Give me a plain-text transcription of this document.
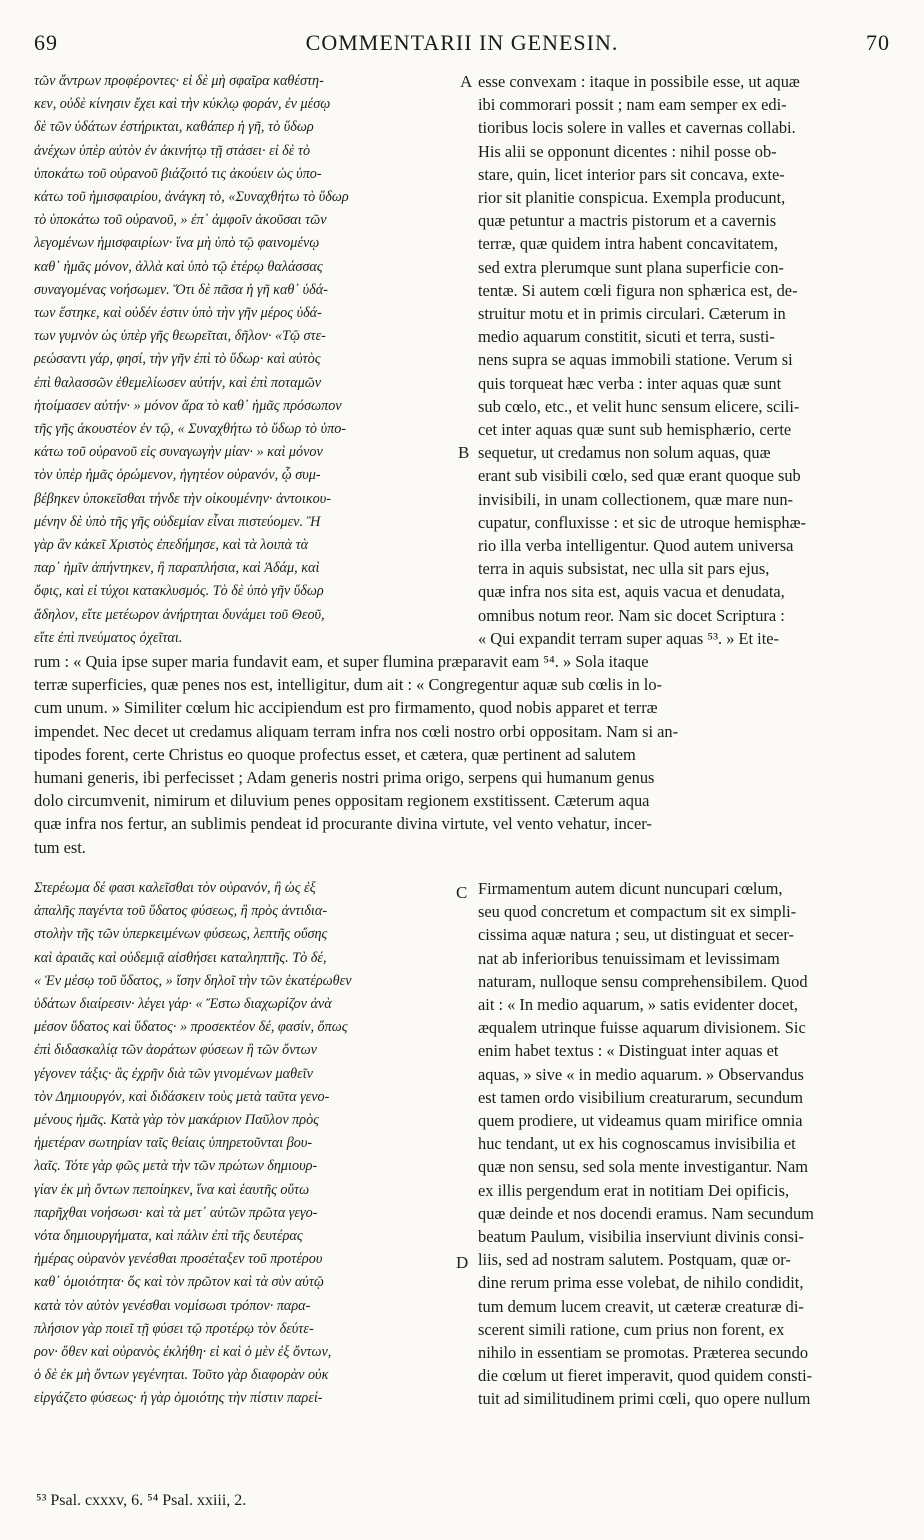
69	COMMENTARII IN GENESIN.	70
τῶν ἄντρων προφέροντες· εἰ δὲ μὴ σφαῖρα καθέστη-
κεν, οὐδὲ κίνησιν ἔχει καὶ τὴν κύκλῳ φοράν, ἐν μέσῳ
δὲ τῶν ὑδάτων ἐστήρικται, καθάπερ ἡ γῆ, τὸ ὕδωρ
ἀνέχων ὑπὲρ αὐτὸν ἐν ἀκινήτῳ τῇ στάσει· εἰ δὲ τὸ
ὑποκάτω τοῦ οὐρανοῦ βιάζοιτό τις ἀκούειν ὡς ὑπο-
κάτω τοῦ ἡμισφαιρίου, ἀνάγκη τὸ, «Συναχθήτω τὸ ὕδωρ
τὸ ὑποκάτω τοῦ οὐρανοῦ, » ἐπ᾿ ἀμφοῖν ἀκοῦσαι τῶν
λεγομένων ἡμισφαιρίων· ἵνα μὴ ὑπὸ τῷ φαινομένῳ
καθ᾿ ἡμᾶς μόνον, ἀλλὰ καὶ ὑπὸ τῷ ἑτέρῳ θαλάσσας
συναγομένας νοήσωμεν. Ὅτι δὲ πᾶσα ἡ γῆ καθ᾿ ὑδά-
των ἕστηκε, καὶ οὐδέν ἐστιν ὑπὸ τὴν γῆν μέρος ὑδά-
των γυμνὸν ὡς ὑπὲρ γῆς θεωρεῖται, δῆλον· «Τῷ στε-
ρεώσαντι γάρ, φησί, τὴν γῆν ἐπὶ τὸ ὕδωρ· καὶ αὐτὸς
ἐπὶ θαλασσῶν ἐθεμελίωσεν αὐτήν, καὶ ἐπὶ ποταμῶν
ἡτοίμασεν αὐτήν· » μόνον ἄρα τὸ καθ᾿ ἡμᾶς πρόσωπον
τῆς γῆς ἀκουστέον ἐν τῷ, « Συναχθήτω τὸ ὕδωρ τὸ ὑπο-
κάτω τοῦ οὐρανοῦ εἰς συναγωγὴν μίαν· » καὶ μόνον
τὸν ὑπὲρ ἡμᾶς ὁρώμενον, ἡγητέον οὐρανόν, ᾧ συμ-
βέβηκεν ὑποκεῖσθαι τήνδε τὴν οἰκουμένην· ἀντοικου-
μένην δὲ ὑπὸ τῆς γῆς οὐδεμίαν εἶναι πιστεύομεν. Ἢ
γὰρ ἂν κἀκεῖ Χριστὸς ἐπεδήμησε, καὶ τὰ λοιπὰ τὰ
παρ᾿ ἡμῖν ἀπήντηκεν, ἢ παραπλήσια, καὶ Ἀδάμ, καὶ
ὄφις, καὶ εἰ τύχοι κατακλυσμός. Τὸ δὲ ὑπὸ γῆν ὕδωρ
ἄδηλον, εἴτε μετέωρον ἀνήρτηται δυνάμει τοῦ Θεοῦ,
εἴτε ἐπὶ πνεύματος ὀχεῖται.
esse convexam : itaque in possibile esse, ut aquæ
ibi commorari possit ; nam eam semper ex edi-
tioribus locis solere in valles et cavernas collabi.
His alii se opponunt dicentes : nihil posse ob-
stare, quin, licet interior pars sit concava, exte-
rior sit planitie conspicua. Exempla producunt,
quæ petuntur a mactris pistorum et a cavernis
terræ, quæ quidem intra habent concavitatem,
sed extra plerumque sunt plana superficie con-
tentæ. Si autem cœli figura non sphærica est, de-
struitur motu et in primis circulari. Cæterum in
medio aquarum constitit, sicuti et terra, susti-
nens supra se aquas immobili statione. Verum si
quis torqueat hæc verba : inter aquas quæ sunt
sub cœlo, etc., et velit hunc sensum elicere, scili-
cet inter aquas quæ sunt sub hemisphærio, certe
sequetur, ut credamus non solum aquas, quæ
erant sub visibili cœlo, sed quæ erant quoque sub
invisibili, in unam collectionem, quæ mare nun-
cupatur, confluxisse : et sic de utroque hemisphæ-
rio illa verba intelligentur. Quod autem universa
terra in aquis subsistat, nec ulla sit pars ejus,
quæ infra nos sita est, aquis vacua et denudata,
omnibus notum reor. Nam sic docet Scriptura :
« Qui expandit terram super aquas ⁵³. » Et ite-
A
B
C
D
rum : « Quia ipse super maria fundavit eam, et super flumina præparavit eam ⁵⁴. » Sola itaque
terræ superficies, quæ penes nos est, intelligitur, dum ait : « Congregentur aquæ sub cœlis in lo-
cum unum. » Similiter cœlum hic accipiendum est pro firmamento, quod nobis apparet et terræ
impendet. Nec decet ut credamus aliquam terram infra nos cœli nostro orbi oppositam. Nam si an-
tipodes forent, certe Christus eo quoque profectus esset, et cætera, quæ pertinent ad salutem
humani generis, ibi perfecisset ; Adam generis nostri prima origo, serpens qui humanum genus
dolo circumvenit, nimirum et diluvium penes oppositam regionem exstitissent. Cæterum aqua
quæ infra nos fertur, an sublimis pendeat id procurante divina virtute, vel vento vehatur, incer-
tum est.
Στερέωμα δέ φασι καλεῖσθαι τὸν οὐρανόν, ἢ ὡς ἐξ
ἁπαλῆς παγέντα τοῦ ὕδατος φύσεως, ἢ πρὸς ἀντιδια-
στολὴν τῆς τῶν ὑπερκειμένων φύσεως, λεπτῆς οὔσης
καὶ ἀραιᾶς καὶ οὐδεμιᾷ αἰσθήσει καταληπτῆς. Τὸ δέ,
« Ἐν μέσῳ τοῦ ὕδατος, » ἴσην δηλοῖ τὴν τῶν ἑκατέρωθεν
ὑδάτων διαίρεσιν· λέγει γάρ· « Ἔστω διαχωρίζον ἀνὰ
μέσον ὕδατος καὶ ὕδατος· » προσεκτέον δέ, φασίν, ὅπως
ἐπὶ διδασκαλίᾳ τῶν ἀοράτων φύσεων ἢ τῶν ὄντων
γέγονεν τάξις· ἃς ἐχρῆν διὰ τῶν γινομένων μαθεῖν
τὸν Δημιουργόν, καὶ διδάσκειν τοὺς μετὰ ταῦτα γενο-
μένους ἡμᾶς. Κατὰ γὰρ τὸν μακάριον Παῦλον πρὸς
ἡμετέραν σωτηρίαν ταῖς θείαις ὑπηρετοῦνται βου-
λαῖς. Τότε γὰρ φῶς μετὰ τὴν τῶν πρώτων δημιουρ-
γίαν ἐκ μὴ ὄντων πεποίηκεν, ἵνα καὶ ἑαυτῆς οὕτω
παρῆχθαι νοήσωσι· καὶ τὰ μετ᾿ αὐτῶν πρῶτα γεγο-
νότα δημιουργήματα, καὶ πάλιν ἐπὶ τῆς δευτέρας
ἡμέρας οὐρανὸν γενέσθαι προσέταξεν τοῦ προτέρου
καθ᾿ ὁμοιότητα· ὅς καὶ τὸν πρῶτον καὶ τὰ σὺν αὐτῷ
κατὰ τὸν αὐτὸν γενέσθαι νομίσωσι τρόπον· παρα-
πλήσιον γὰρ ποιεῖ τῇ φύσει τῷ προτέρῳ τὸν δεύτε-
ρον· ὅθεν καὶ οὐρανὸς ἐκλήθη· εἰ καὶ ὁ μὲν ἐξ ὄντων,
ὁ δὲ ἐκ μὴ ὄντων γεγένηται. Τοῦτο γὰρ διαφορὰν οὐκ
εἰργάζετο φύσεως· ἡ γὰρ ὁμοιότης τὴν πίστιν παρεί-
Firmamentum autem dicunt nuncupari cœlum,
seu quod concretum et compactum sit ex simpli-
cissima aquæ natura ; seu, ut distinguat et secer-
nat ab inferioribus tenuissimam et levissimam
naturam, nulloque sensu comprehensibilem. Quod
ait : « In medio aquarum, » satis evidenter docet,
æqualem utrinque fuisse aquarum divisionem. Sic
enim habet textus : « Distinguat inter aquas et
aquas, » sive « in medio aquarum. » Observandus
est tamen ordo visibilium creaturarum, secundum
quem prodiere, ut videamus quam mirifice omnia
huc tendant, ut ex his cognoscamus invisibilia et
quæ non sensu, sed sola mente investigantur. Nam
ex illis pergendum erat in notitiam Dei opificis,
quæ deinde et nos docendi eramus. Nam secundum
beatum Paulum, visibilia inserviunt divinis consi-
liis, sed ad nostram salutem. Postquam, quæ or-
dine rerum prima esse volebat, de nihilo condidit,
tum demum lucem creavit, ut cæteræ creaturæ di-
scerent simili ratione, cum prius non forent, ex
nihilo in essentiam se promotas. Præterea secundo
die cœlum ut fieret imperavit, quod quidem consti-
tuit ad similitudinem primi cœli, quo opere nullum
⁵³ Psal. cxxxv, 6. ⁵⁴ Psal. xxiii, 2.
